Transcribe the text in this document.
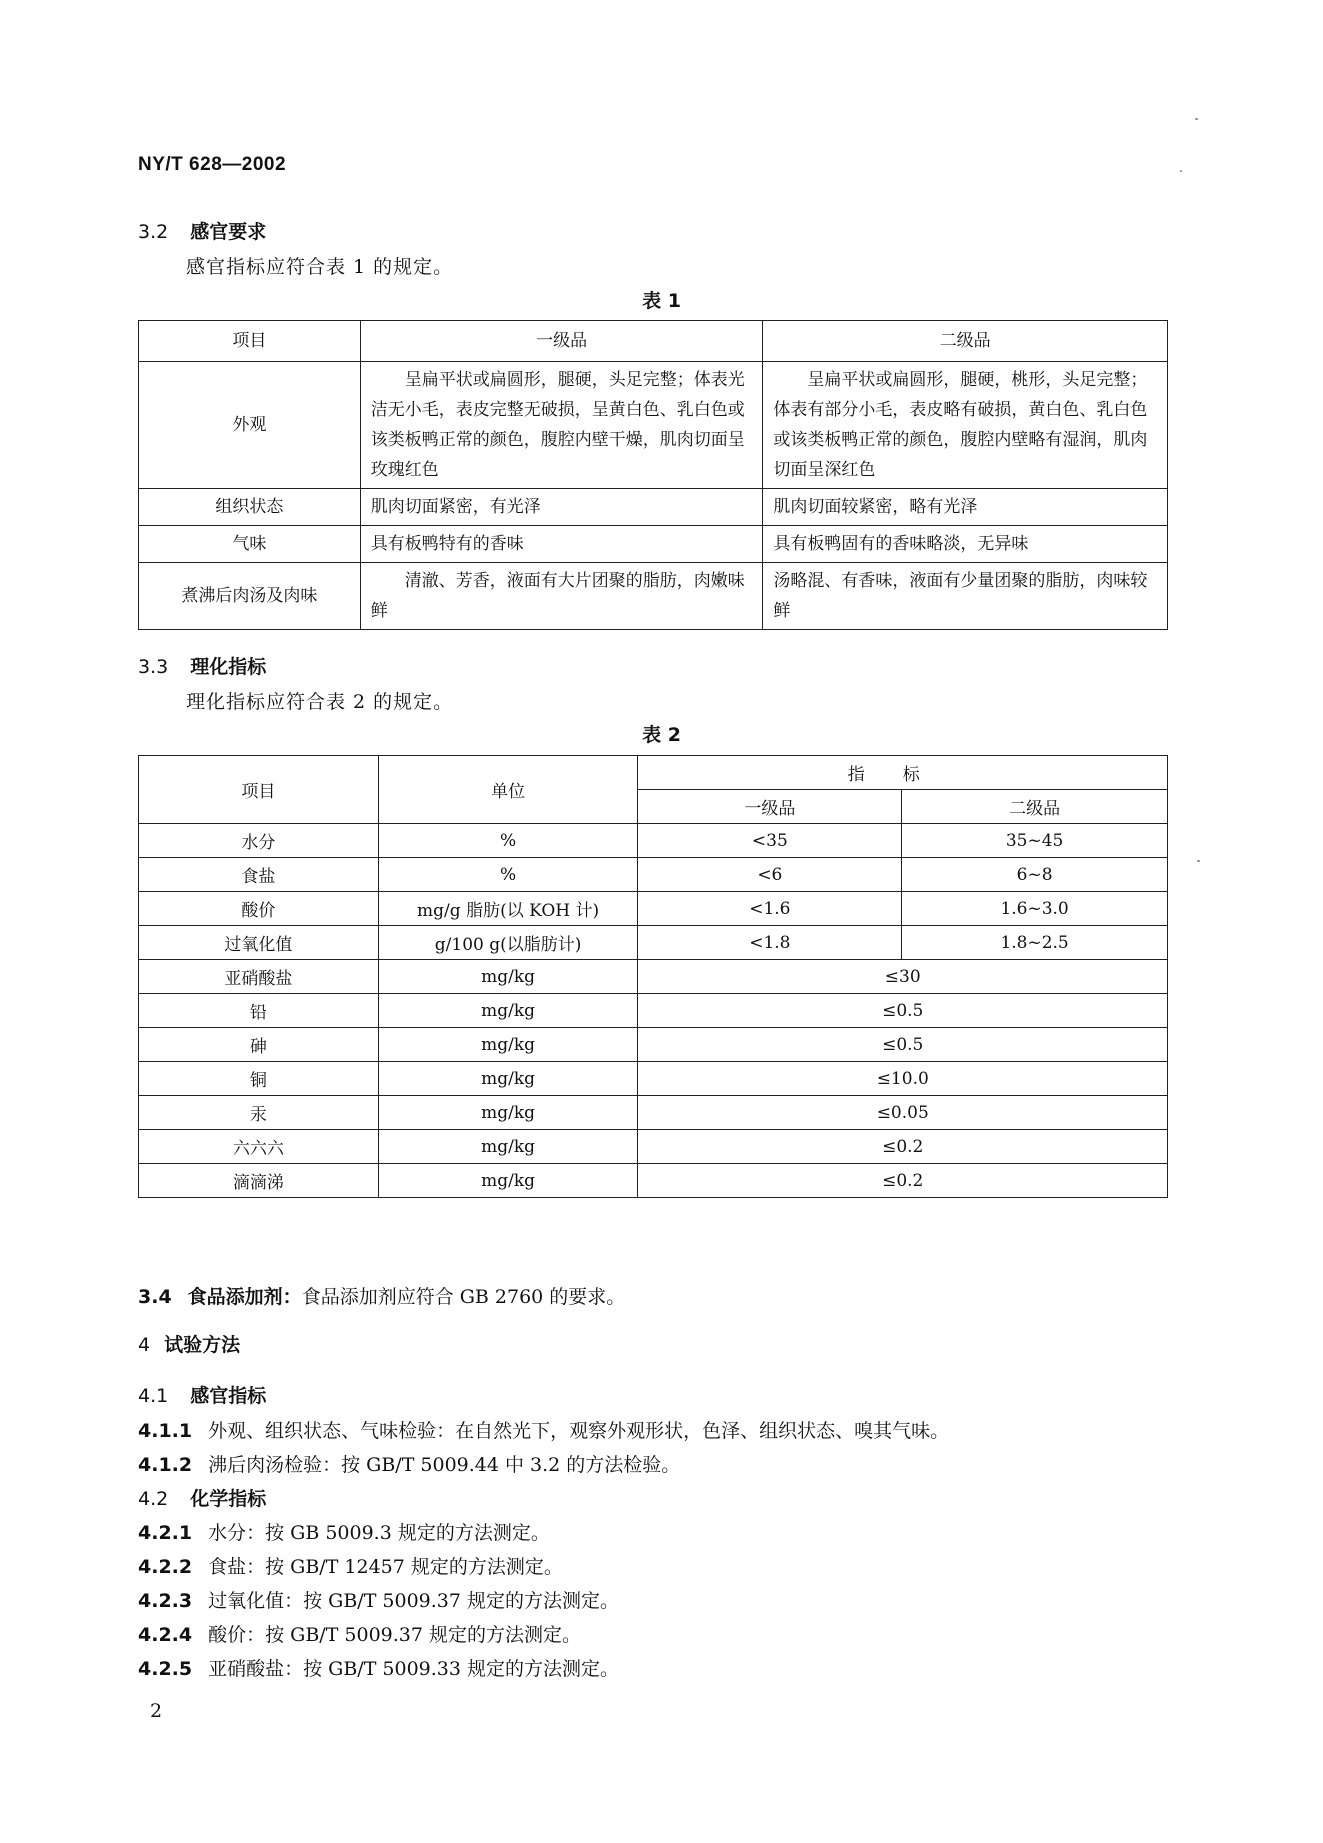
NY/T 628—2002
3.2 感官要求
感官指标应符合表 1 的规定。
表 1
项目	一级品	二级品
外观	呈扁平状或扁圆形，腿硬，头足完整；体表光洁无小毛，表皮完整无破损，呈黄白色、乳白色或该类板鸭正常的颜色，腹腔内壁干燥，肌肉切面呈玫瑰红色	呈扁平状或扁圆形，腿硬，桃形，头足完整；体表有部分小毛，表皮略有破损，黄白色、乳白色或该类板鸭正常的颜色，腹腔内壁略有湿润，肌肉切面呈深红色
组织状态	肌肉切面紧密，有光泽	肌肉切面较紧密，略有光泽
气味	具有板鸭特有的香味	具有板鸭固有的香味略淡，无异味
煮沸后肉汤及肉味	清澈、芳香，液面有大片团聚的脂肪，肉嫩味鲜	汤略混、有香味，液面有少量团聚的脂肪，肉味较鲜
3.3 理化指标
理化指标应符合表 2 的规定。
表 2
项目	单位	指标	
		一级品	二级品
水分	%	<35	35~45
食盐	%	<6	6~8
酸价	mg/g 脂肪(以 KOH 计)	<1.6	1.6~3.0
过氧化值	g/100 g(以脂肪计)	<1.8	1.8~2.5
亚硝酸盐	mg/kg	≤30	
铅	mg/kg	≤0.5	
砷	mg/kg	≤0.5	
铜	mg/kg	≤10.0	
汞	mg/kg	≤0.05	
六六六	mg/kg	≤0.2	
滴滴涕	mg/kg	≤0.2	
3.4 食品添加剂：食品添加剂应符合 GB 2760 的要求。
4 试验方法
4.1 感官指标
4.1.1 外观、组织状态、气味检验：在自然光下，观察外观形状，色泽、组织状态、嗅其气味。
4.1.2 沸后肉汤检验：按 GB/T 5009.44 中 3.2 的方法检验。
4.2 化学指标
4.2.1 水分：按 GB 5009.3 规定的方法测定。
4.2.2 食盐：按 GB/T 12457 规定的方法测定。
4.2.3 过氧化值：按 GB/T 5009.37 规定的方法测定。
4.2.4 酸价：按 GB/T 5009.37 规定的方法测定。
4.2.5 亚硝酸盐：按 GB/T 5009.33 规定的方法测定。
2
